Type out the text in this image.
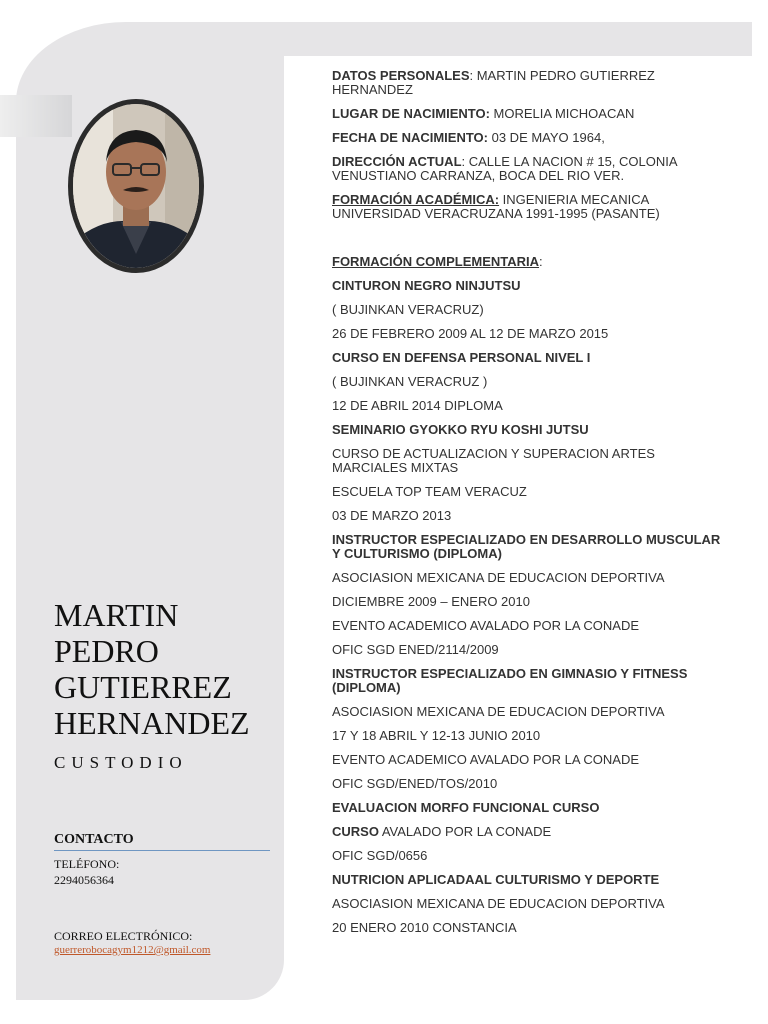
MARTIN
PEDRO
GUTIERREZ
HERNANDEZ
CUSTODIO
CONTACTO
TELÉFONO:
2294056364
CORREO ELECTRÓNICO:
guerrerobocagym1212@gmail.com

DATOS PERSONALES: MARTIN PEDRO GUTIERREZ HERNANDEZ

LUGAR DE NACIMIENTO: MORELIA MICHOACAN

FECHA DE NACIMIENTO: 03 DE MAYO 1964,

DIRECCIÓN ACTUAL: CALLE LA NACION # 15, COLONIA VENUSTIANO CARRANZA, BOCA DEL RIO VER.

FORMACIÓN ACADÉMICA: INGENIERIA MECANICA UNIVERSIDAD VERACRUZANA 1991-1995 (PASANTE)

FORMACIÓN COMPLEMENTARIA:

CINTURON NEGRO NINJUTSU

( BUJINKAN VERACRUZ)

26 DE FEBRERO 2009 AL 12 DE MARZO 2015

CURSO EN DEFENSA PERSONAL NIVEL I

( BUJINKAN VERACRUZ )

12 DE ABRIL 2014 DIPLOMA

SEMINARIO GYOKKO RYU KOSHI JUTSU

CURSO DE ACTUALIZACION Y SUPERACION ARTES MARCIALES MIXTAS

ESCUELA TOP TEAM VERACUZ

03 DE MARZO 2013

INSTRUCTOR ESPECIALIZADO EN DESARROLLO MUSCULAR Y CULTURISMO (DIPLOMA)

ASOCIASION MEXICANA DE EDUCACION DEPORTIVA

DICIEMBRE 2009 – ENERO 2010

EVENTO ACADEMICO AVALADO POR LA CONADE

OFIC SGD ENED/2114/2009

INSTRUCTOR ESPECIALIZADO EN GIMNASIO Y FITNESS (DIPLOMA)

ASOCIASION MEXICANA DE EDUCACION DEPORTIVA

17 Y 18 ABRIL Y 12-13 JUNIO 2010

EVENTO ACADEMICO AVALADO POR LA CONADE

OFIC SGD/ENED/TOS/2010

EVALUACION MORFO FUNCIONAL CURSO

CURSO AVALADO POR LA CONADE

OFIC SGD/0656

NUTRICION APLICADAAL CULTURISMO Y DEPORTE

ASOCIASION MEXICANA DE EDUCACION DEPORTIVA

20 ENERO 2010 CONSTANCIA
